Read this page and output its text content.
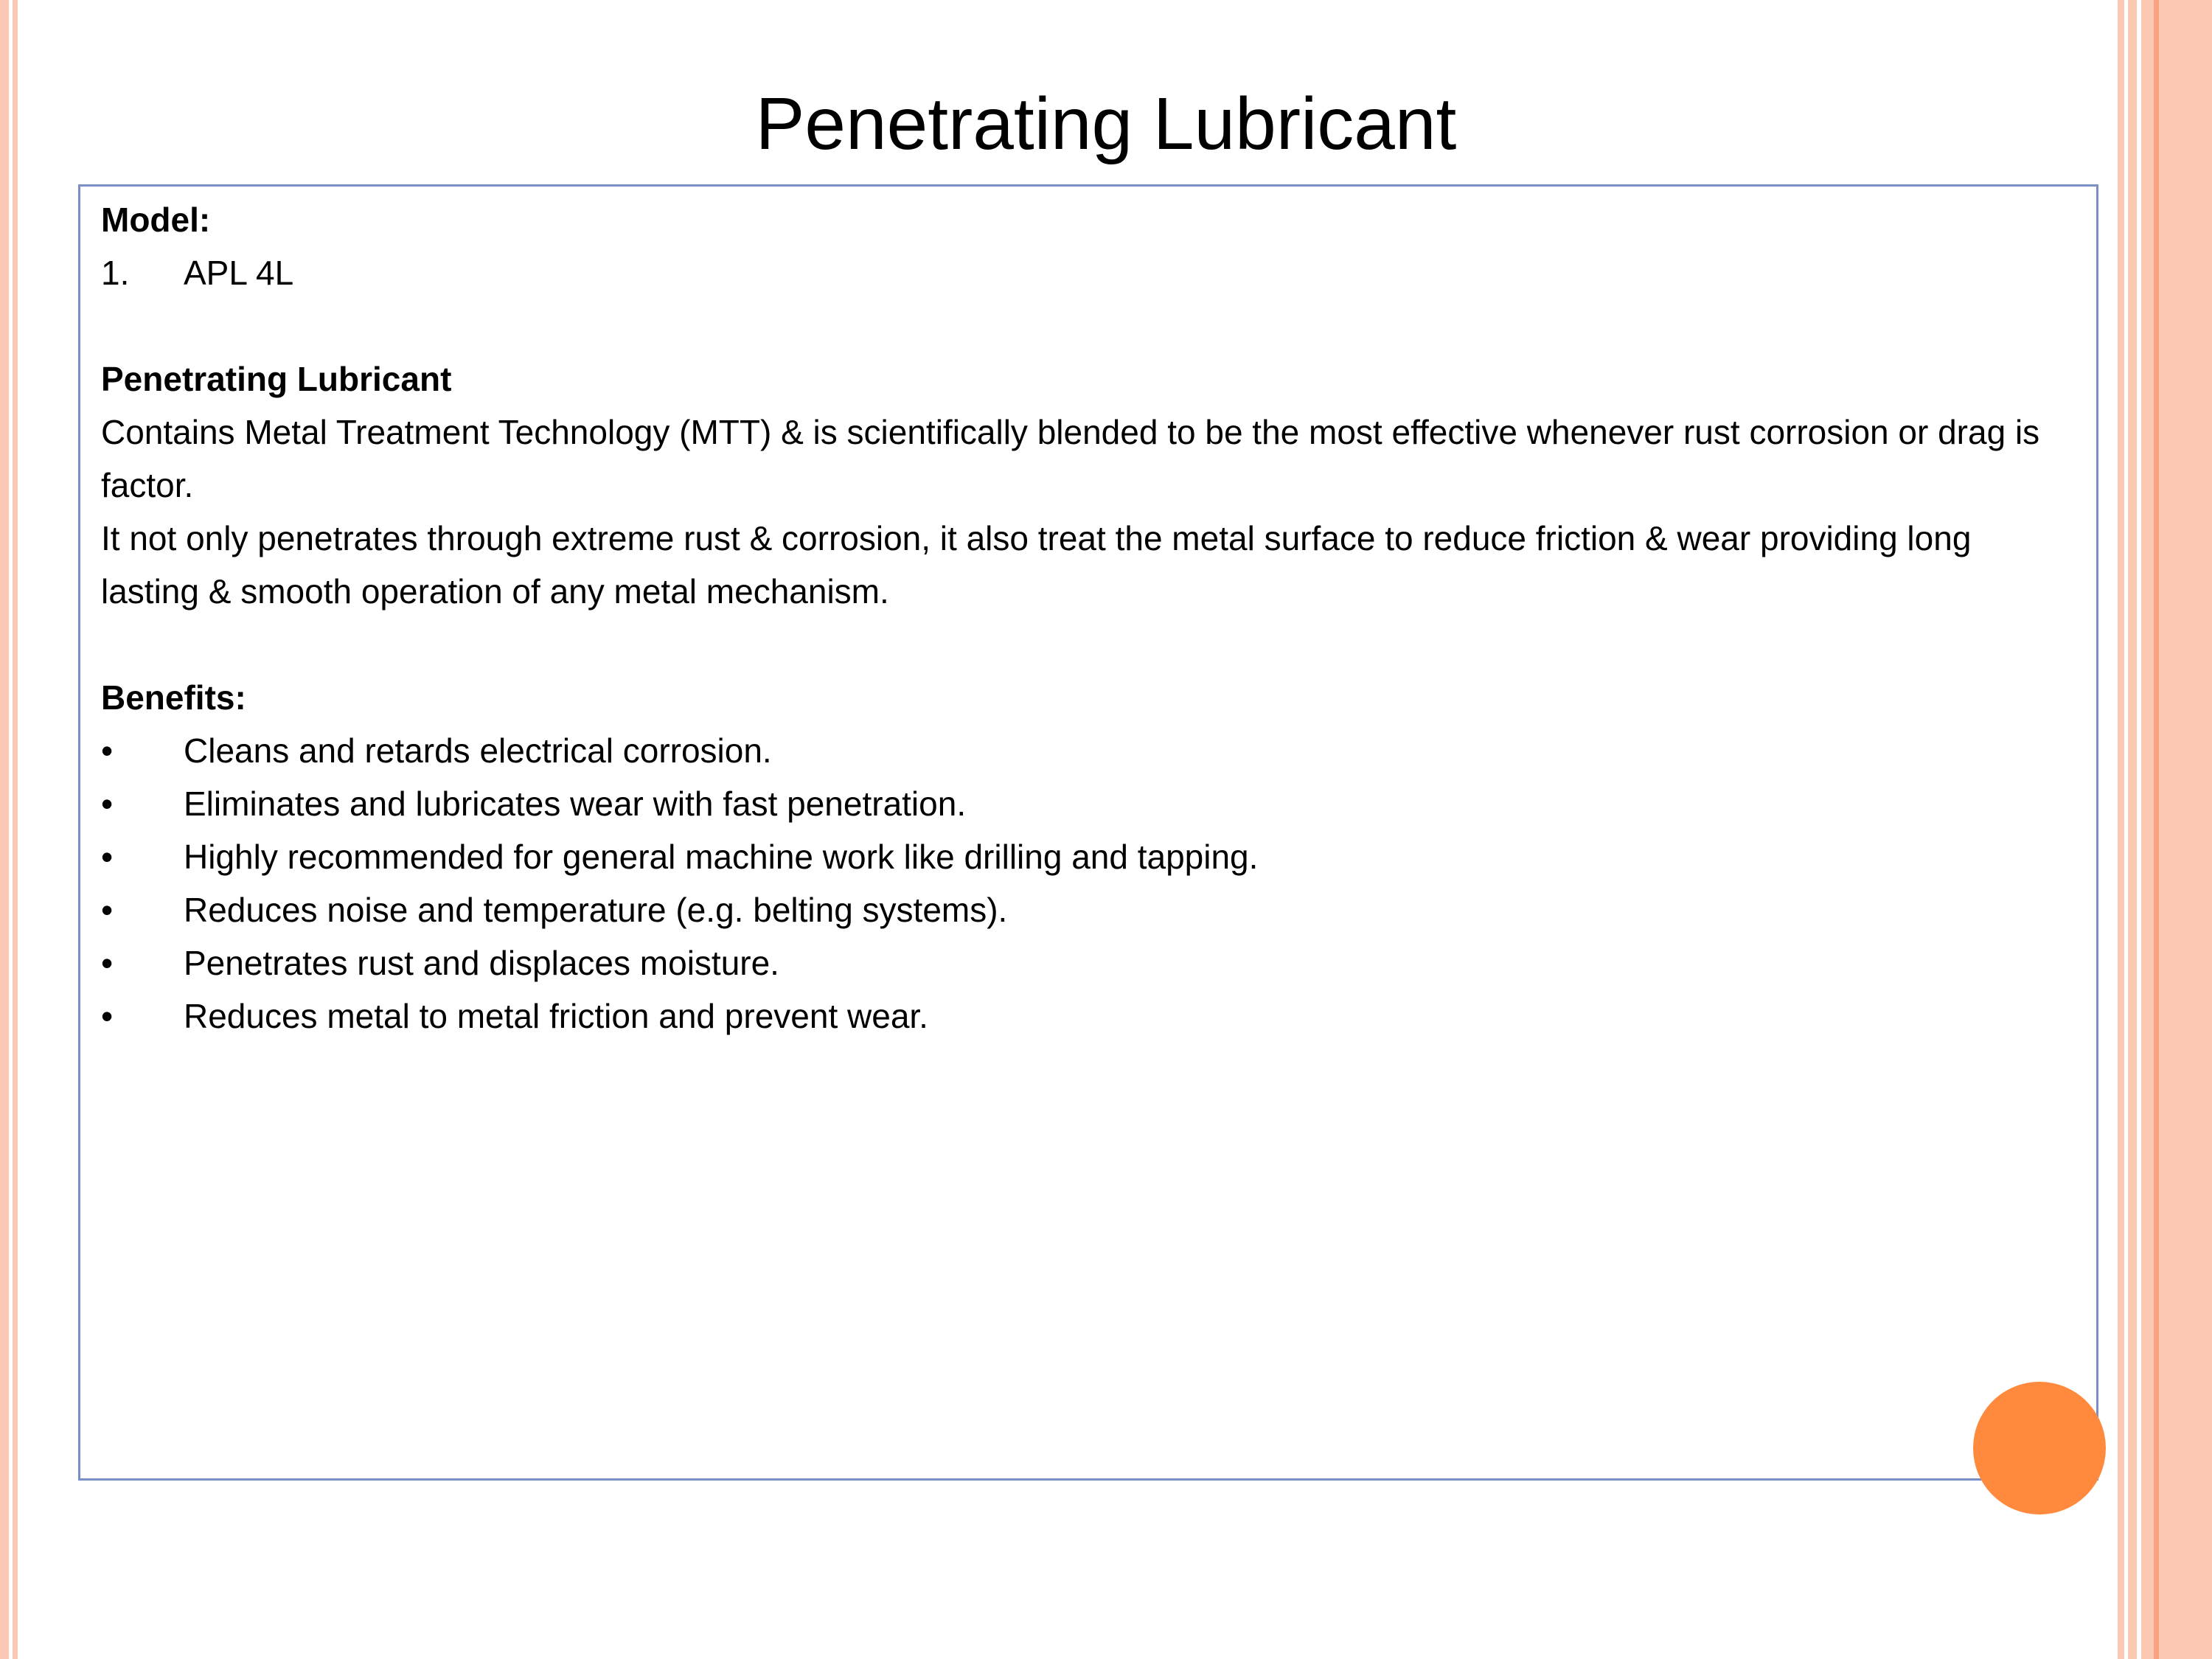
Penetrating Lubricant
Model:
1. APL 4L
Penetrating Lubricant
Contains Metal Treatment Technology (MTT) & is scientifically blended to be the most effective whenever rust corrosion or drag is factor.
It not only penetrates through extreme rust & corrosion, it also treat the metal surface to reduce friction & wear providing long lasting & smooth operation of any metal mechanism.
Benefits:
• Cleans and retards electrical corrosion.
• Eliminates and lubricates wear with fast penetration.
• Highly recommended for general machine work like drilling and tapping.
• Reduces noise and temperature (e.g. belting systems).
• Penetrates rust and displaces moisture.
• Reduces metal to metal friction and prevent wear.
